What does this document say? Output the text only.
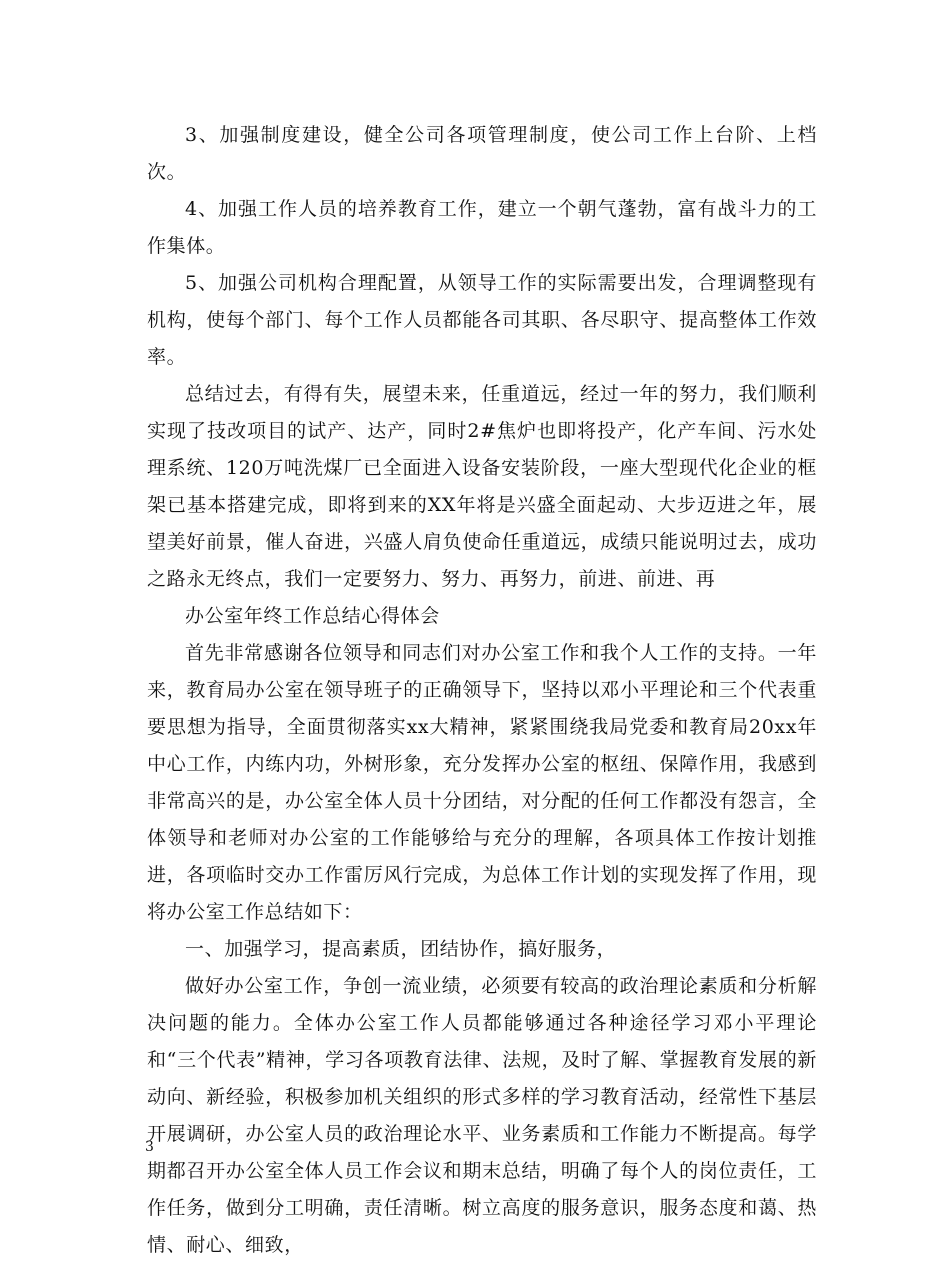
3、加强制度建设，健全公司各项管理制度，使公司工作上台阶、上档次。

4、加强工作人员的培养教育工作，建立一个朝气蓬勃，富有战斗力的工作集体。

5、加强公司机构合理配置，从领导工作的实际需要出发，合理调整现有机构，使每个部门、每个工作人员都能各司其职、各尽职守、提高整体工作效率。

总结过去，有得有失，展望未来，任重道远，经过一年的努力，我们顺利实现了技改项目的试产、达产，同时2#焦炉也即将投产，化产车间、污水处理系统、120万吨洗煤厂已全面进入设备安装阶段，一座大型现代化企业的框架已基本搭建完成，即将到来的XX年将是兴盛全面起动、大步迈进之年，展望美好前景，催人奋进，兴盛人肩负使命任重道远，成绩只能说明过去，成功之路永无终点，我们一定要努力、努力、再努力，前进、前进、再

办公室年终工作总结心得体会

首先非常感谢各位领导和同志们对办公室工作和我个人工作的支持。一年来，教育局办公室在领导班子的正确领导下，坚持以邓小平理论和三个代表重要思想为指导，全面贯彻落实xx大精神，紧紧围绕我局党委和教育局20xx年中心工作，内练内功，外树形象，充分发挥办公室的枢纽、保障作用，我感到非常高兴的是，办公室全体人员十分团结，对分配的任何工作都没有怨言，全体领导和老师对办公室的工作能够给与充分的理解，各项具体工作按计划推进，各项临时交办工作雷厉风行完成，为总体工作计划的实现发挥了作用，现将办公室工作总结如下：

一、加强学习，提高素质，团结协作，搞好服务，

做好办公室工作，争创一流业绩，必须要有较高的政治理论素质和分析解决问题的能力。全体办公室工作人员都能够通过各种途径学习邓小平理论和“三个代表”精神，学习各项教育法律、法规，及时了解、掌握教育发展的新动向、新经验，积极参加机关组织的形式多样的学习教育活动，经常性下基层开展调研，办公室人员的政治理论水平、业务素质和工作能力不断提高。每学期都召开办公室全体人员工作会议和期末总结，明确了每个人的岗位责任，工作任务，做到分工明确，责任清晰。树立高度的服务意识，服务态度和蔼、热情、耐心、细致，

3
